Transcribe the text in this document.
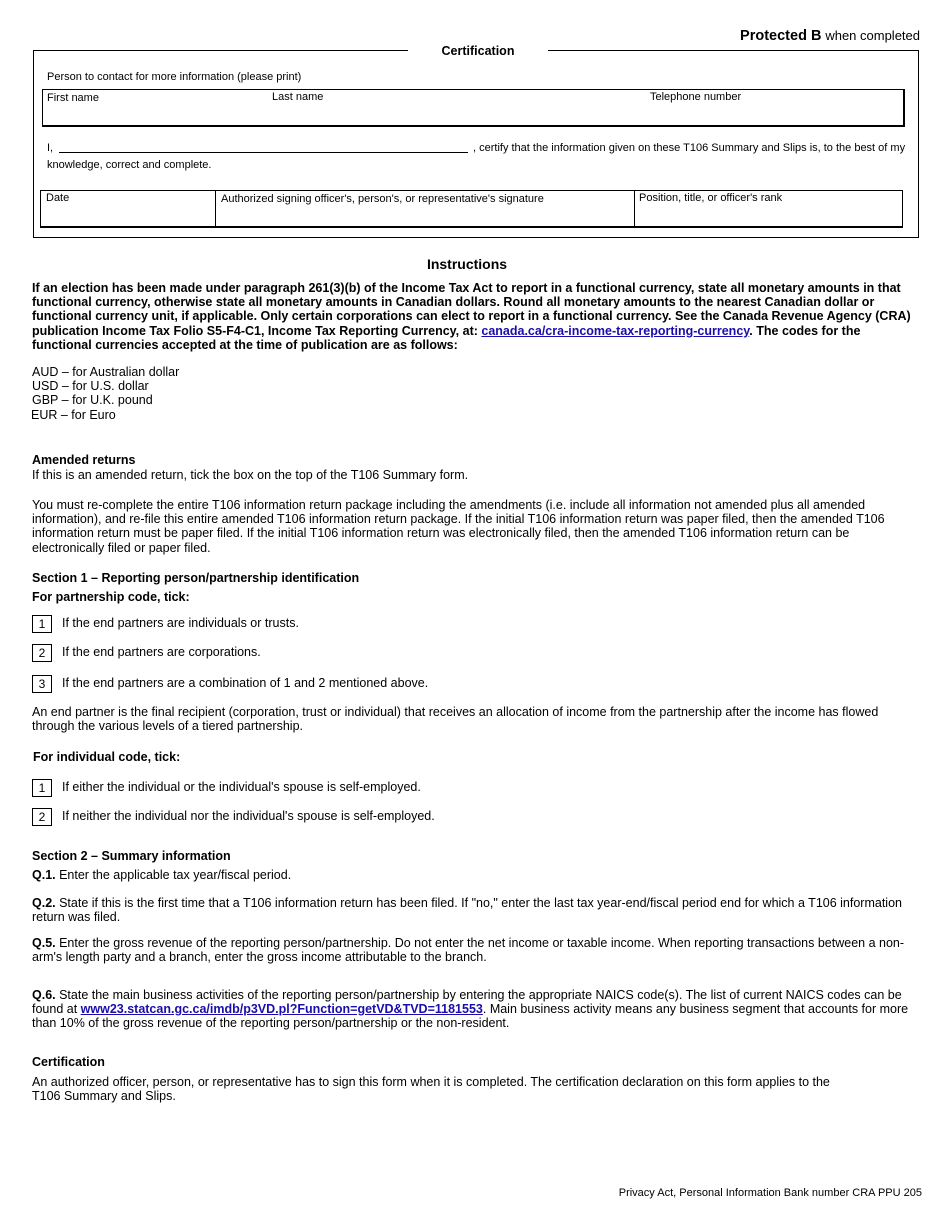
Protected B when completed
Certification
Person to contact for more information (please print)
First name	Last name	Telephone number
I,	, certify that the information given on these T106 Summary and Slips is, to the best of my
knowledge, correct and complete.
Date	Authorized signing officer's, person's, or representative's signature	Position, title, or officer's rank
Instructions
If an election has been made under paragraph 261(3)(b) of the Income Tax Act to report in a functional currency, state all monetary amounts in that functional currency, otherwise state all monetary amounts in Canadian dollars. Round all monetary amounts to the nearest Canadian dollar or functional currency unit, if applicable. Only certain corporations can elect to report in a functional currency. See the Canada Revenue Agency (CRA) publication Income Tax Folio S5-F4-C1, Income Tax Reporting Currency, at: canada.ca/cra-income-tax-reporting-currency. The codes for the functional currencies accepted at the time of publication are as follows:
AUD – for Australian dollar
USD – for U.S. dollar
GBP – for U.K. pound
EUR – for Euro
Amended returns
If this is an amended return, tick the box on the top of the T106 Summary form.
You must re-complete the entire T106 information return package including the amendments (i.e. include all information not amended plus all amended information), and re-file this entire amended T106 information return package. If the initial T106 information return was paper filed, then the amended T106 information return must be paper filed. If the initial T106 information return was electronically filed, then the amended T106 information return can be electronically filed or paper filed.
Section 1 – Reporting person/partnership identification
For partnership code, tick:
1	If the end partners are individuals or trusts.
2	If the end partners are corporations.
3	If the end partners are a combination of 1 and 2 mentioned above.
An end partner is the final recipient (corporation, trust or individual) that receives an allocation of income from the partnership after the income has flowed through the various levels of a tiered partnership.
For individual code, tick:
1	If either the individual or the individual's spouse is self-employed.
2	If neither the individual nor the individual's spouse is self-employed.
Section 2 – Summary information
Q.1. Enter the applicable tax year/fiscal period.
Q.2. State if this is the first time that a T106 information return has been filed. If "no," enter the last tax year-end/fiscal period end for which a T106 information return was filed.
Q.5. Enter the gross revenue of the reporting person/partnership. Do not enter the net income or taxable income. When reporting transactions between a non-arm's length party and a branch, enter the gross income attributable to the branch.
Q.6. State the main business activities of the reporting person/partnership by entering the appropriate NAICS code(s). The list of current NAICS codes can be found at www23.statcan.gc.ca/imdb/p3VD.pl?Function=getVD&TVD=1181553. Main business activity means any business segment that accounts for more than 10% of the gross revenue of the reporting person/partnership or the non-resident.
Certification
An authorized officer, person, or representative has to sign this form when it is completed. The certification declaration on this form applies to the T106 Summary and Slips.
Privacy Act, Personal Information Bank number CRA PPU 205
